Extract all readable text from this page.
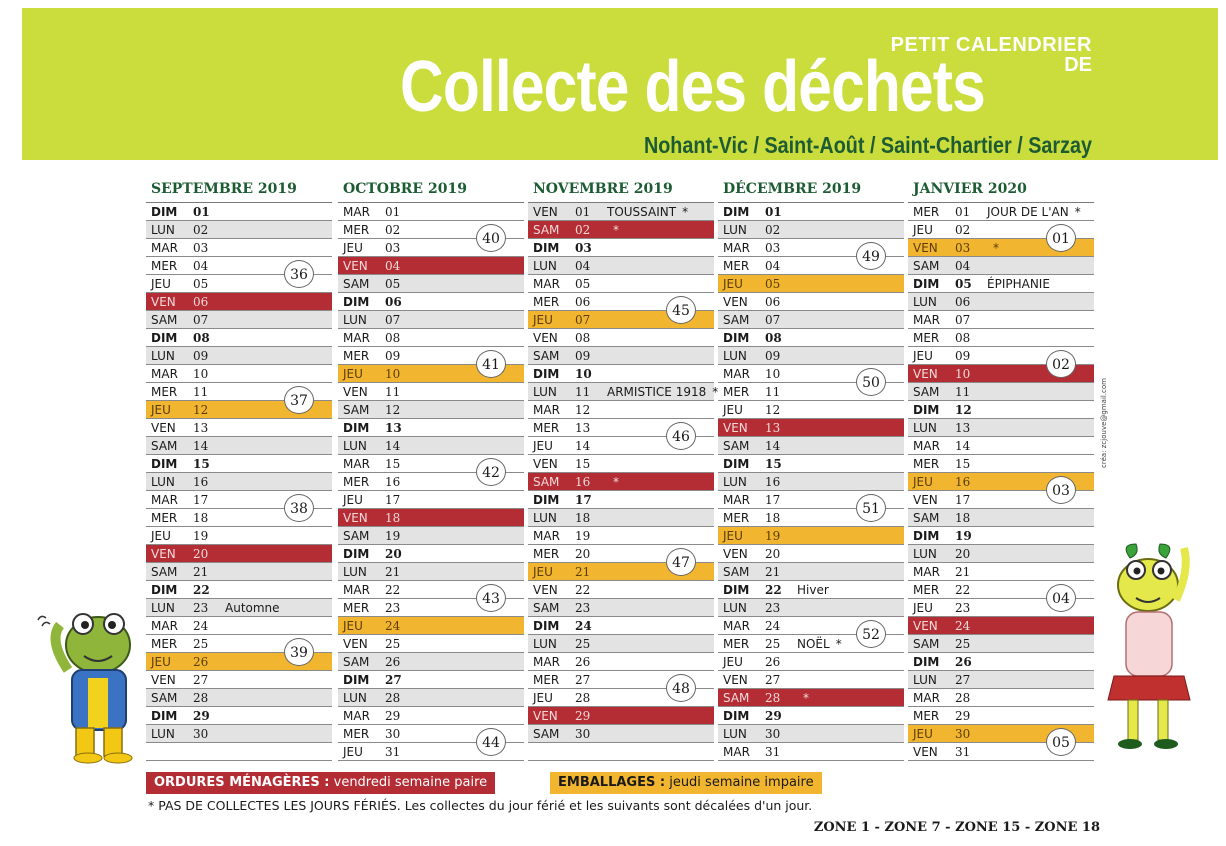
PETIT CALENDRIER
DE
Collecte des déchets
Nohant-Vic / Saint-Août / Saint-Chartier / Sarzay
SEPTEMBRE 2019
DIM 01
LUN 02
MAR 03
MER 04
JEU 05
VEN 06
SAM 07
DIM 08
LUN 09
MAR 10
MER 11
JEU 12
VEN 13
SAM 14
DIM 15
LUN 16
MAR 17
MER 18
JEU 19
VEN 20
SAM 21
DIM 22
LUN 23 Automne
MAR 24
MER 25
JEU 26
VEN 27
SAM 28
DIM 29
LUN 30
36
37
38
39
OCTOBRE 2019
MAR 01
MER 02
JEU 03
VEN 04
SAM 05
DIM 06
LUN 07
MAR 08
MER 09
JEU 10
VEN 11
SAM 12
DIM 13
LUN 14
MAR 15
MER 16
JEU 17
VEN 18
SAM 19
DIM 20
LUN 21
MAR 22
MER 23
JEU 24
VEN 25
SAM 26
DIM 27
LUN 28
MAR 29
MER 30
JEU 31
40
41
42
43
44
NOVEMBRE 2019
VEN 01 TOUSSAINT *
SAM 02 *
DIM 03
LUN 04
MAR 05
MER 06
JEU 07
VEN 08
SAM 09
DIM 10
LUN 11 ARMISTICE 1918 *
MAR 12
MER 13
JEU 14
VEN 15
SAM 16 *
DIM 17
LUN 18
MAR 19
MER 20
JEU 21
VEN 22
SAM 23
DIM 24
LUN 25
MAR 26
MER 27
JEU 28
VEN 29
SAM 30
45
46
47
48
DÉCEMBRE 2019
DIM 01
LUN 02
MAR 03
MER 04
JEU 05
VEN 06
SAM 07
DIM 08
LUN 09
MAR 10
MER 11
JEU 12
VEN 13
SAM 14
DIM 15
LUN 16
MAR 17
MER 18
JEU 19
VEN 20
SAM 21
DIM 22 Hiver
LUN 23
MAR 24
MER 25 NOËL *
JEU 26
VEN 27
SAM 28 *
DIM 29
LUN 30
MAR 31
49
50
51
52
JANVIER 2020
MER 01 JOUR DE L'AN *
JEU 02
VEN 03 *
SAM 04
DIM 05 ÉPIPHANIE
LUN 06
MAR 07
MER 08
JEU 09
VEN 10
SAM 11
DIM 12
LUN 13
MAR 14
MER 15
JEU 16
VEN 17
SAM 18
DIM 19
LUN 20
MAR 21
MER 22
JEU 23
VEN 24
SAM 25
DIM 26
LUN 27
MAR 28
MER 29
JEU 30
VEN 31
01
02
03
04
05
créa: zcjouve@gmail.com
ORDURES MÉNAGÈRES : vendredi semaine paire	EMBALLAGES : jeudi semaine impaire
* PAS DE COLLECTES LES JOURS FÉRIÉS. Les collectes du jour férié et les suivants sont décalées d'un jour.
ZONE 1 - ZONE 7 - ZONE 15 - ZONE 18
